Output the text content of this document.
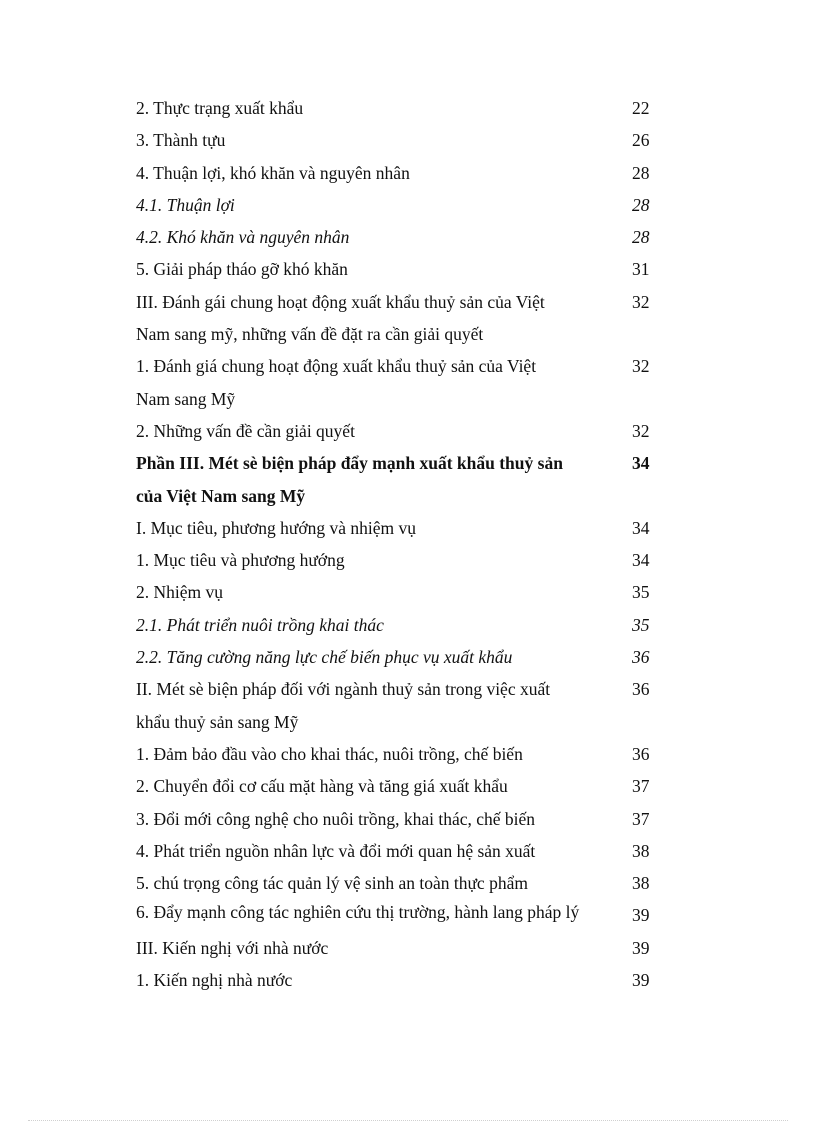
2. Thực trạng xuất khẩu	22
3. Thành tựu	26
4. Thuận lợi, khó khăn và nguyên nhân	28
4.1. Thuận lợi	28
4.2. Khó khăn và nguyên nhân	28
5. Giải pháp tháo gỡ khó khăn	31
III. Đánh gái chung hoạt động xuất khẩu thuỷ sản của Việt	32
Nam sang mỹ, những vấn đề đặt ra cần giải quyết
1. Đánh giá chung hoạt động xuất khẩu thuỷ sản của Việt	32
Nam sang Mỹ
2. Những vấn đề cần giải quyết	32
Phần III. Mét sè biện pháp đẩy mạnh xuất khẩu thuỷ sản	34
của Việt Nam sang Mỹ
I. Mục tiêu, phương hướng và nhiệm vụ	34
1. Mục tiêu và phương hướng	34
2. Nhiệm vụ	35
2.1. Phát triển nuôi trồng khai thác	35
2.2. Tăng cường năng lực chế biến phục vụ xuất khẩu	36
II. Mét sè biện pháp đối với ngành thuỷ sản trong việc xuất	36
khẩu thuỷ sản sang Mỹ
1. Đảm bảo đầu vào cho khai thác, nuôi trồng, chế biến	36
2. Chuyển đổi cơ cấu mặt hàng và tăng giá xuất khẩu	37
3. Đổi mới công nghệ cho nuôi trồng, khai thác, chế biến	37
4. Phát triển nguồn nhân lực và đổi mới quan hệ sản xuất	38
5. chú trọng công tác quản lý vệ sinh an toàn thực phẩm	38
6. Đẩy mạnh công tác nghiên cứu thị trường, hành lang pháp lý	39
III. Kiến nghị với nhà nước	39
1. Kiến nghị nhà nước	39
